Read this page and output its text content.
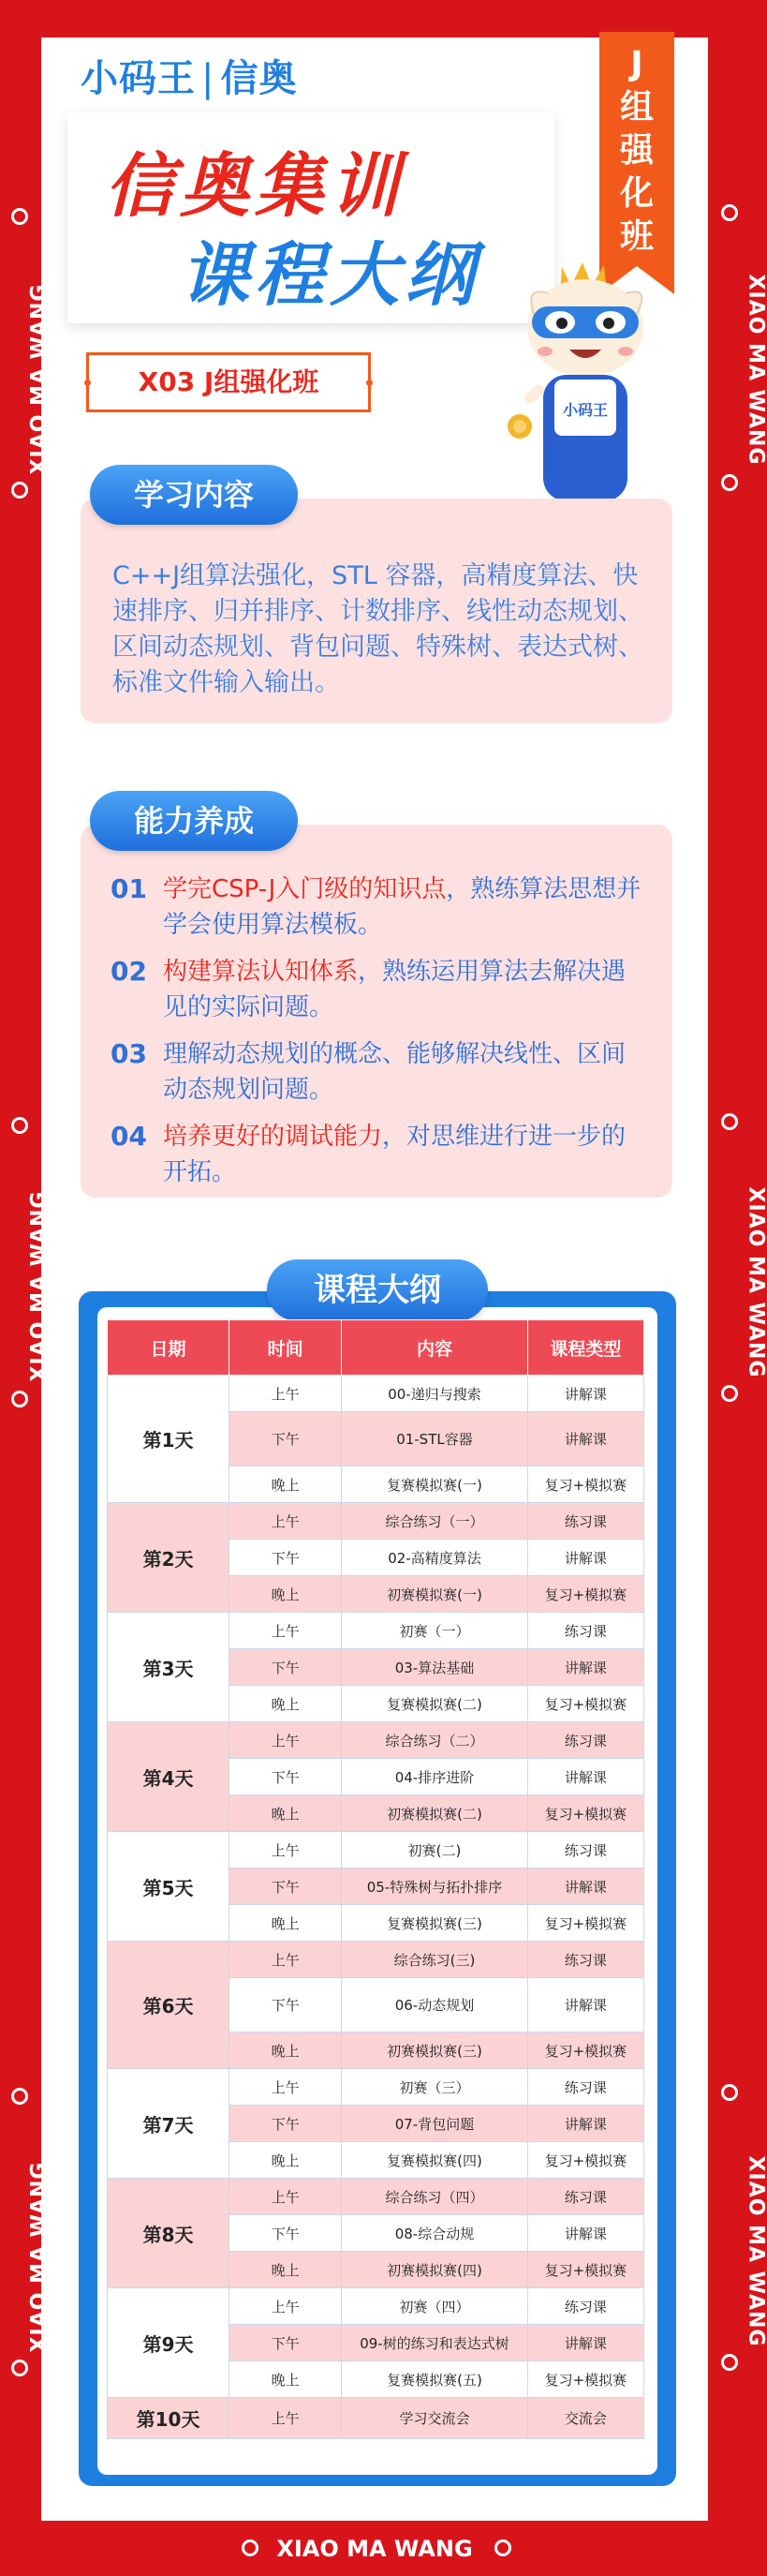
XIAO MA WANG
XIAO MA WANG
XIAO MA WANG
XIAO MA WANG
XIAO MA WANG
XIAO MA WANG
XIAO MA WANG
小码王 | 信奥	J
组
强
化
班
信奥集训
课程大纲
X03 J组强化班
小码王
学习内容
C++J组算法强化，STL 容器，高精度算法、快速排序、归并排序、计数排序、线性动态规划、区间动态规划、背包问题、特殊树、表达式树、标准文件输入输出。
能力养成
01 学完CSP-J入门级的知识点，熟练算法思想并学会使用算法模板。
02 构建算法认知体系，熟练运用算法去解决遇见的实际问题。
03 理解动态规划的概念、能够解决线性、区间动态规划问题。
04 培养更好的调试能力，对思维进行进一步的开拓。
课程大纲
日期	时间	内容	课程类型
第1天	上午	00-递归与搜索	讲解课
	下午	01-STL容器	讲解课
	晚上	复赛模拟赛(一)	复习+模拟赛
第2天	上午	综合练习（一）	练习课
	下午	02-高精度算法	讲解课
	晚上	初赛模拟赛(一)	复习+模拟赛
第3天	上午	初赛（一）	练习课
	下午	03-算法基础	讲解课
	晚上	复赛模拟赛(二)	复习+模拟赛
第4天	上午	综合练习（二）	练习课
	下午	04-排序进阶	讲解课
	晚上	初赛模拟赛(二)	复习+模拟赛
第5天	上午	初赛(二)	练习课
	下午	05-特殊树与拓扑排序	讲解课
	晚上	复赛模拟赛(三)	复习+模拟赛
第6天	上午	综合练习(三)	练习课
	下午	06-动态规划	讲解课
	晚上	初赛模拟赛(三)	复习+模拟赛
第7天	上午	初赛（三）	练习课
	下午	07-背包问题	讲解课
	晚上	复赛模拟赛(四)	复习+模拟赛
第8天	上午	综合练习（四）	练习课
	下午	08-综合动规	讲解课
	晚上	初赛模拟赛(四)	复习+模拟赛
第9天	上午	初赛（四）	练习课
	下午	09-树的练习和表达式树	讲解课
	晚上	复赛模拟赛(五)	复习+模拟赛
第10天	上午	学习交流会	交流会
